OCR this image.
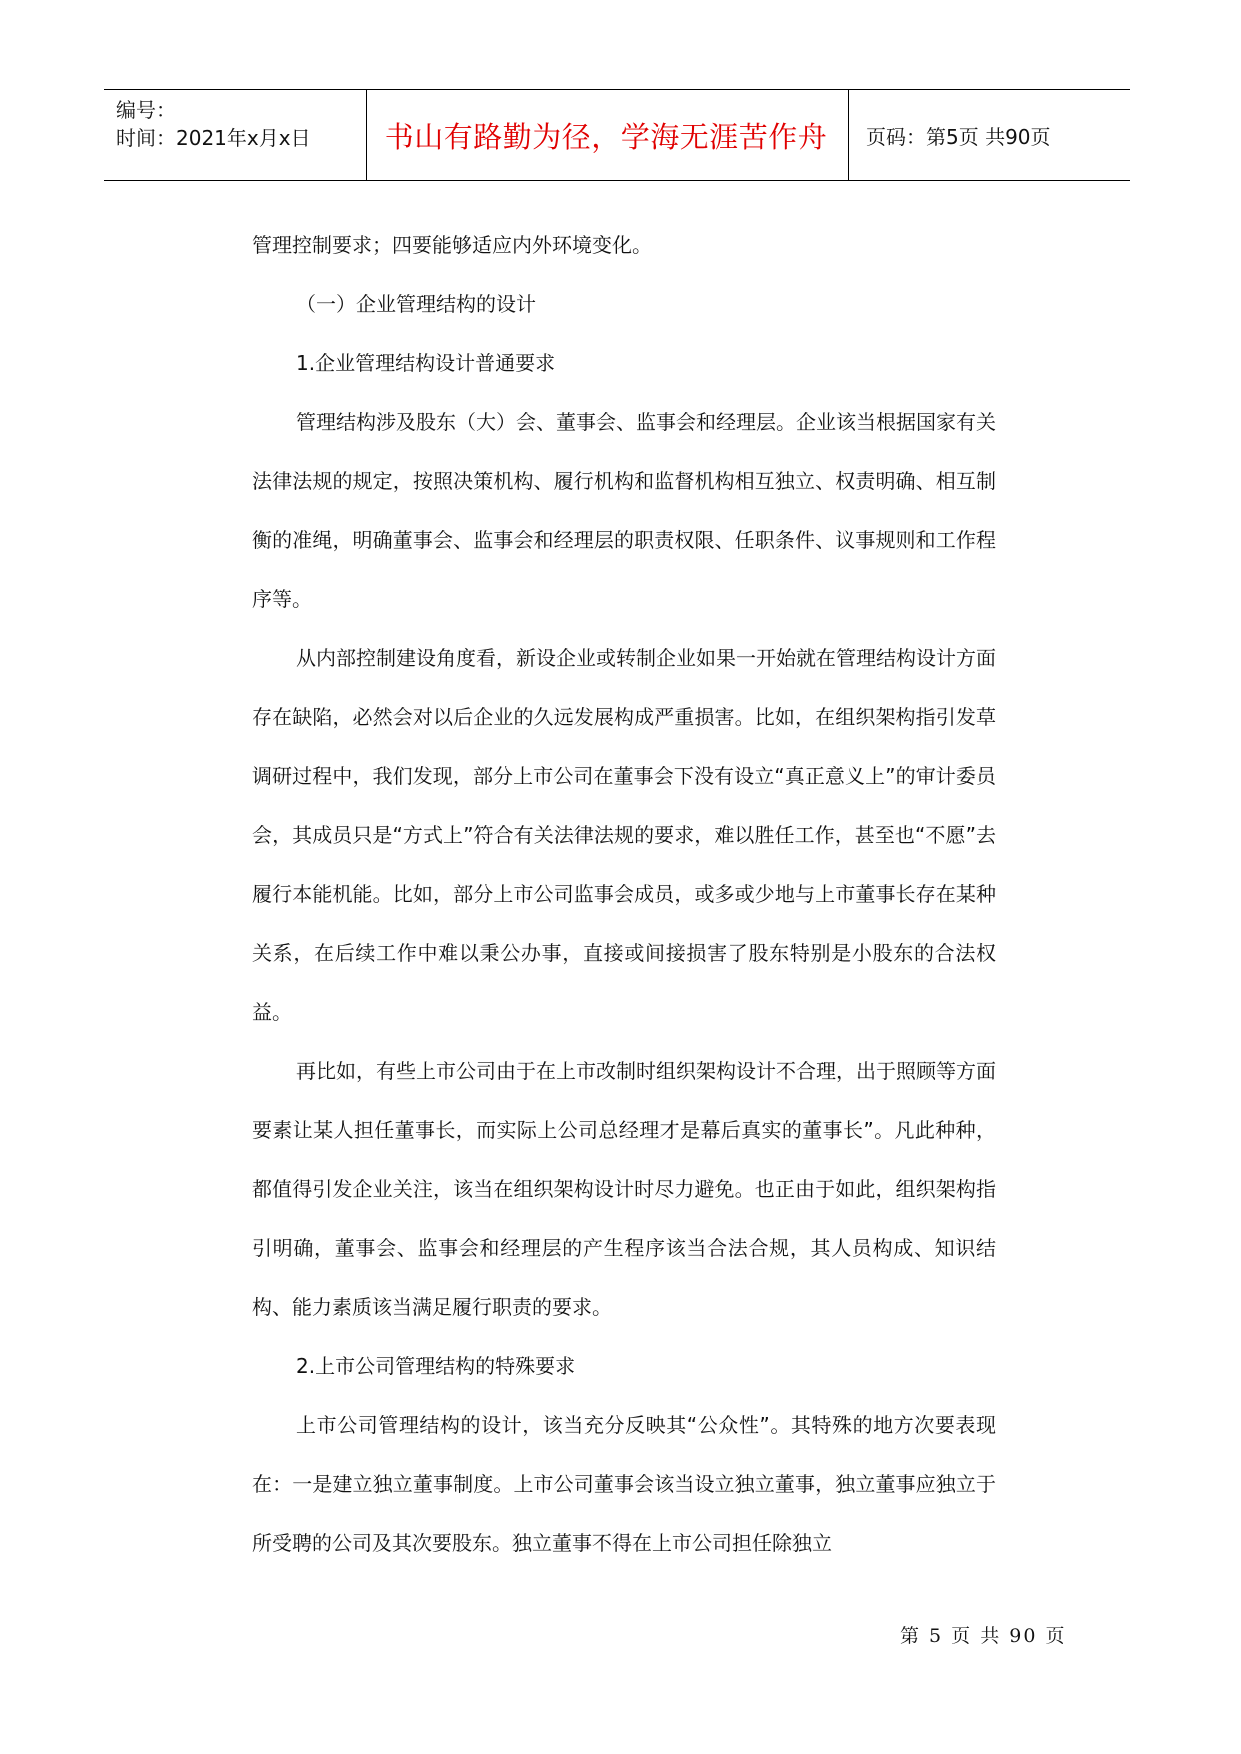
编号：
时间：2021年x月x日	书山有路勤为径，学海无涯苦作舟	页码：第5页 共90页

管理控制要求；四要能够适应内外环境变化。

（一）企业管理结构的设计

1.企业管理结构设计普通要求

管理结构涉及股东（大）会、董事会、监事会和经理层。企业该当根据国家有关法律法规的规定，按照决策机构、履行机构和监督机构相互独立、权责明确、相互制衡的准绳，明确董事会、监事会和经理层的职责权限、任职条件、议事规则和工作程序等。

从内部控制建设角度看，新设企业或转制企业如果一开始就在管理结构设计方面存在缺陷，必然会对以后企业的久远发展构成严重损害。比如，在组织架构指引发草调研过程中，我们发现，部分上市公司在董事会下没有设立“真正意义上”的审计委员会，其成员只是“方式上”符合有关法律法规的要求，难以胜任工作，甚至也“不愿”去履行本能机能。比如，部分上市公司监事会成员，或多或少地与上市董事长存在某种关系，在后续工作中难以秉公办事，直接或间接损害了股东特别是小股东的合法权益。

再比如，有些上市公司由于在上市改制时组织架构设计不合理，出于照顾等方面要素让某人担任董事长，而实际上公司总经理才是幕后真实的董事长”。凡此种种，都值得引发企业关注，该当在组织架构设计时尽力避免。也正由于如此，组织架构指引明确，董事会、监事会和经理层的产生程序该当合法合规，其人员构成、知识结构、能力素质该当满足履行职责的要求。

2.上市公司管理结构的特殊要求

上市公司管理结构的设计，该当充分反映其“公众性”。其特殊的地方次要表现在：一是建立独立董事制度。上市公司董事会该当设立独立董事，独立董事应独立于所受聘的公司及其次要股东。独立董事不得在上市公司担任除独立

第 5 页 共 90 页
